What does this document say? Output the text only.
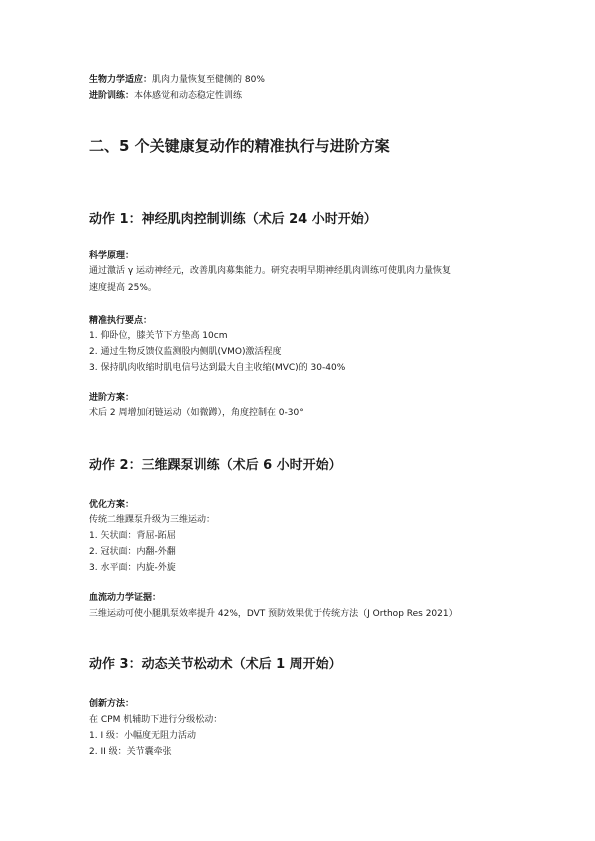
生物力学适应：肌肉力量恢复至健侧的 80%
进阶训练：本体感觉和动态稳定性训练
二、5 个关键康复动作的精准执行与进阶方案
动作 1：神经肌肉控制训练（术后 24 小时开始）
科学原理：
通过激活 γ 运动神经元，改善肌肉募集能力。研究表明早期神经肌肉训练可使肌肉力量恢复
速度提高 25%。
精准执行要点：
1. 仰卧位，膝关节下方垫高 10cm
2. 通过生物反馈仪监测股内侧肌(VMO)激活程度
3. 保持肌肉收缩时肌电信号达到最大自主收缩(MVC)的 30-40%
进阶方案：
术后 2 周增加闭链运动（如微蹲），角度控制在 0-30°
动作 2：三维踝泵训练（术后 6 小时开始）
优化方案：
传统二维踝泵升级为三维运动：
1. 矢状面：背屈-跖屈
2. 冠状面：内翻-外翻
3. 水平面：内旋-外旋
血流动力学证据：
三维运动可使小腿肌泵效率提升 42%，DVT 预防效果优于传统方法（J Orthop Res 2021）
动作 3：动态关节松动术（术后 1 周开始）
创新方法：
在 CPM 机辅助下进行分级松动：
1. I 级：小幅度无阻力活动
2. II 级：关节囊牵张
